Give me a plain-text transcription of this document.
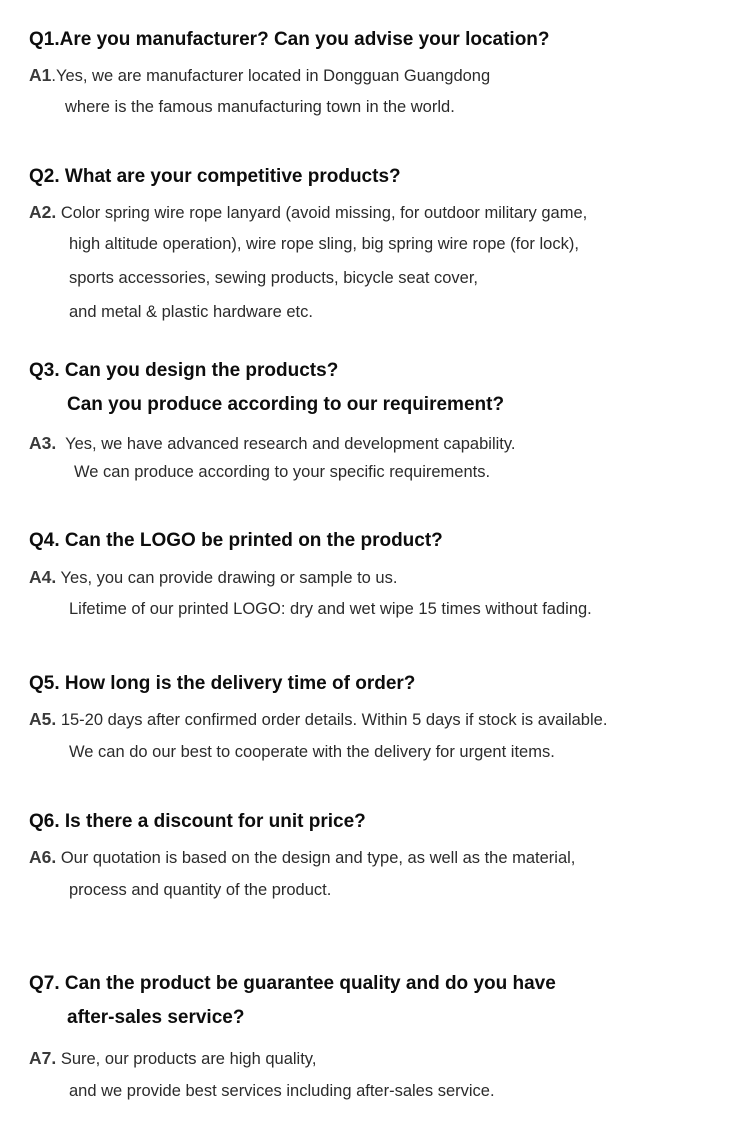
Q1.Are you manufacturer? Can you advise your location?
A1.Yes, we are manufacturer located in Dongguan Guangdong
where is the famous manufacturing town in the world.
Q2. What are your competitive products?
A2. Color spring wire rope lanyard (avoid missing, for outdoor military game,
high altitude operation), wire rope sling, big spring wire rope (for lock),
sports accessories, sewing products, bicycle seat cover,
and metal & plastic hardware etc.
Q3. Can you design the products?
Can you produce according to our requirement?
A3.  Yes, we have advanced research and development capability.
We can produce according to your specific requirements.
Q4. Can the LOGO be printed on the product?
A4. Yes, you can provide drawing or sample to us.
Lifetime of our printed LOGO: dry and wet wipe 15 times without fading.
Q5. How long is the delivery time of order?
A5. 15-20 days after confirmed order details. Within 5 days if stock is available.
We can do our best to cooperate with the delivery for urgent items.
Q6. Is there a discount for unit price?
A6. Our quotation is based on the design and type, as well as the material,
process and quantity of the product.
Q7. Can the product be guarantee quality and do you have
after-sales service?
A7. Sure, our products are high quality,
and we provide best services including after-sales service.
